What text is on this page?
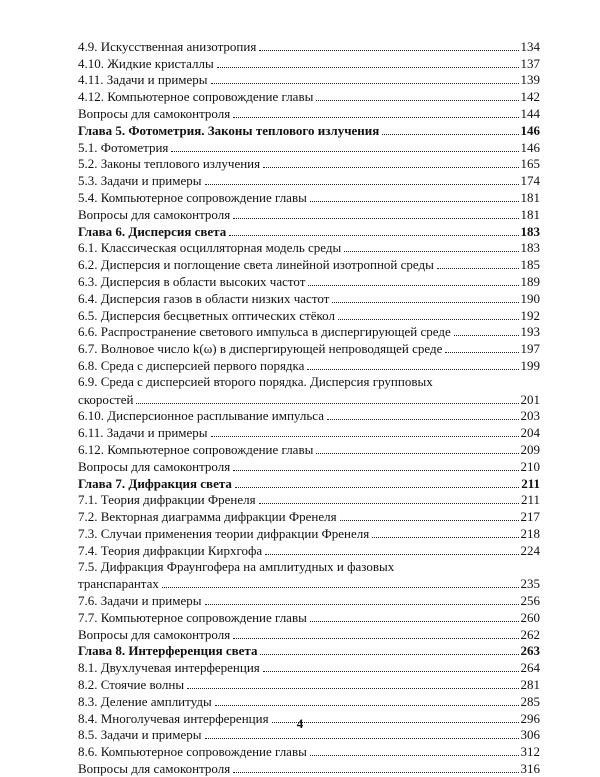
4.9. Искусственная анизотропия	134
4.10. Жидкие кристаллы	137
4.11. Задачи и примеры	139
4.12. Компьютерное сопровождение главы	142
Вопросы для самоконтроля	144
Глава 5. Фотометрия. Законы теплового излучения	146
5.1. Фотометрия	146
5.2. Законы теплового излучения	165
5.3. Задачи и примеры	174
5.4. Компьютерное сопровождение главы	181
Вопросы для самоконтроля	181
Глава 6. Дисперсия света	183
6.1. Классическая осцилляторная модель среды	183
6.2. Дисперсия и поглощение света линейной изотропной среды	185
6.3. Дисперсия в области высоких частот	189
6.4. Дисперсия газов в области низких частот	190
6.5. Дисперсия бесцветных оптических стёкол	192
6.6. Распространение светового импульса в диспергирующей среде	193
6.7. Волновое число k(ω) в диспергирующей непроводящей среде	197
6.8. Среда с дисперсией первого порядка	199
6.9. Среда с дисперсией второго порядка. Дисперсия групповых
скоростей	201
6.10. Дисперсионное расплывание импульса	203
6.11. Задачи и примеры	204
6.12. Компьютерное сопровождение главы	209
Вопросы для самоконтроля	210
Глава 7. Дифракция света	211
7.1. Теория дифракции Френеля	211
7.2. Векторная диаграмма дифракции Френеля	217
7.3. Случаи применения теории дифракции Френеля	218
7.4. Теория дифракции Кирхгофа	224
7.5. Дифракция Фраунгофера на амплитудных и фазовых
транспарантах	235
7.6. Задачи и примеры	256
7.7. Компьютерное сопровождение главы	260
Вопросы для самоконтроля	262
Глава 8. Интерференция света	263
8.1. Двухлучевая интерференция	264
8.2. Стоячие волны	281
8.3. Деление амплитуды	285
8.4. Многолучевая интерференция	296
8.5. Задачи и примеры	306
8.6. Компьютерное сопровождение главы	312
Вопросы для самоконтроля	316
4
